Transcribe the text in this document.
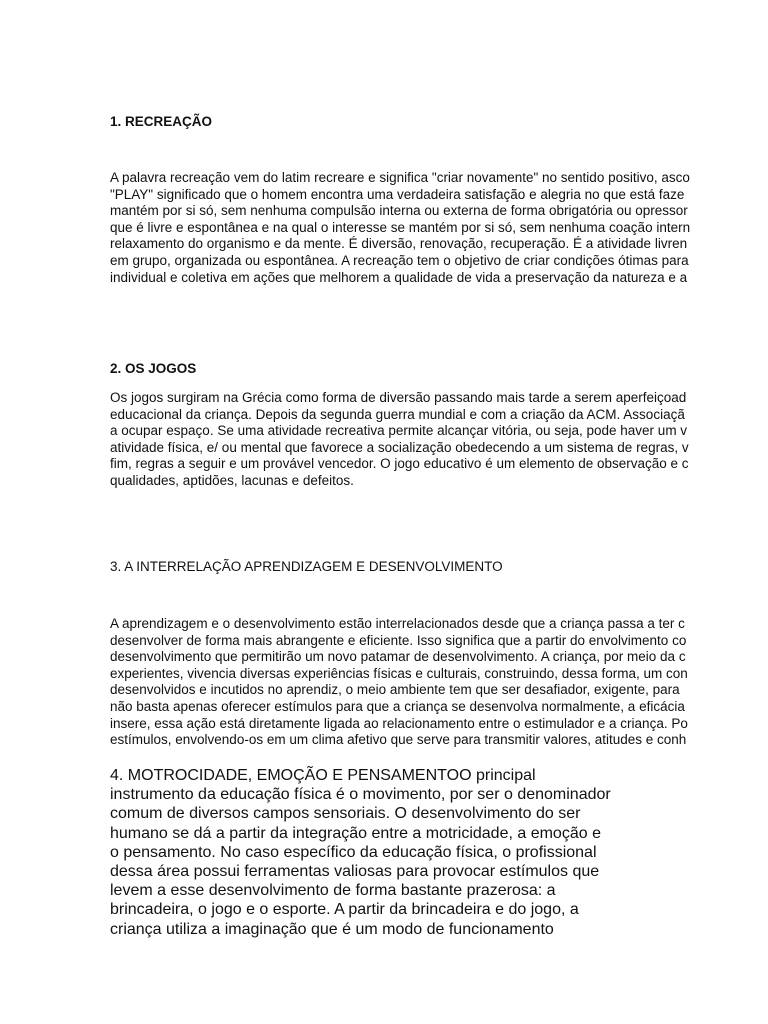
1. RECREAÇÃO
A palavra recreação vem do latim recreare e significa "criar novamente" no sentido positivo, asco
"PLAY" significado que o homem encontra uma verdadeira satisfação e alegria no que está faze
mantém por si só, sem nenhuma compulsão interna ou externa de forma obrigatória ou opressor
que é livre e espontânea e na qual o interesse se mantém por si só, sem nenhuma coação intern
relaxamento do organismo e da mente. É diversão, renovação, recuperação. É a atividade livren
em grupo, organizada ou espontânea. A recreação tem o objetivo de criar condições ótimas para
individual e coletiva em ações que melhorem a qualidade de vida a preservação da natureza e a
2. OS JOGOS
Os jogos surgiram na Grécia como forma de diversão passando mais tarde a serem aperfeiçoad
educacional da criança. Depois da segunda guerra mundial e com a criação da ACM. Associaçã
a ocupar espaço. Se uma atividade recreativa permite alcançar vitória, ou seja, pode haver um v
atividade física, e/ ou mental que favorece a socialização obedecendo a um sistema de regras, v
fim, regras a seguir e um provável vencedor. O jogo educativo é um elemento de observação e c
qualidades, aptidões, lacunas e defeitos.
3. A INTERRELAÇÃO APRENDIZAGEM E DESENVOLVIMENTO
A aprendizagem e o desenvolvimento estão interrelacionados desde que a criança passa a ter c
desenvolver de forma mais abrangente e eficiente. Isso significa que a partir do envolvimento co
desenvolvimento que permitirão um novo patamar de desenvolvimento. A criança, por meio da c
experientes, vivencia diversas experiências físicas e culturais, construindo, dessa forma, um con
desenvolvidos e incutidos no aprendiz, o meio ambiente tem que ser desafiador, exigente, para
não basta apenas oferecer estímulos para que a criança se desenvolva normalmente, a eficácia
insere, essa ação está diretamente ligada ao relacionamento entre o estimulador e a criança. Po
estímulos, envolvendo-os em um clima afetivo que serve para transmitir valores, atitudes e conh
4. MOTROCIDADE, EMOÇÃO E PENSAMENTOO principal
instrumento da educação física é o movimento, por ser o denominador
comum de diversos campos sensoriais. O desenvolvimento do ser
humano se dá a partir da integração entre a motricidade, a emoção e
o pensamento. No caso específico da educação física, o profissional
dessa área possui ferramentas valiosas para provocar estímulos que
levem a esse desenvolvimento de forma bastante prazerosa: a
brincadeira, o jogo e o esporte. A partir da brincadeira e do jogo, a
criança utiliza a imaginação que é um modo de funcionamento
